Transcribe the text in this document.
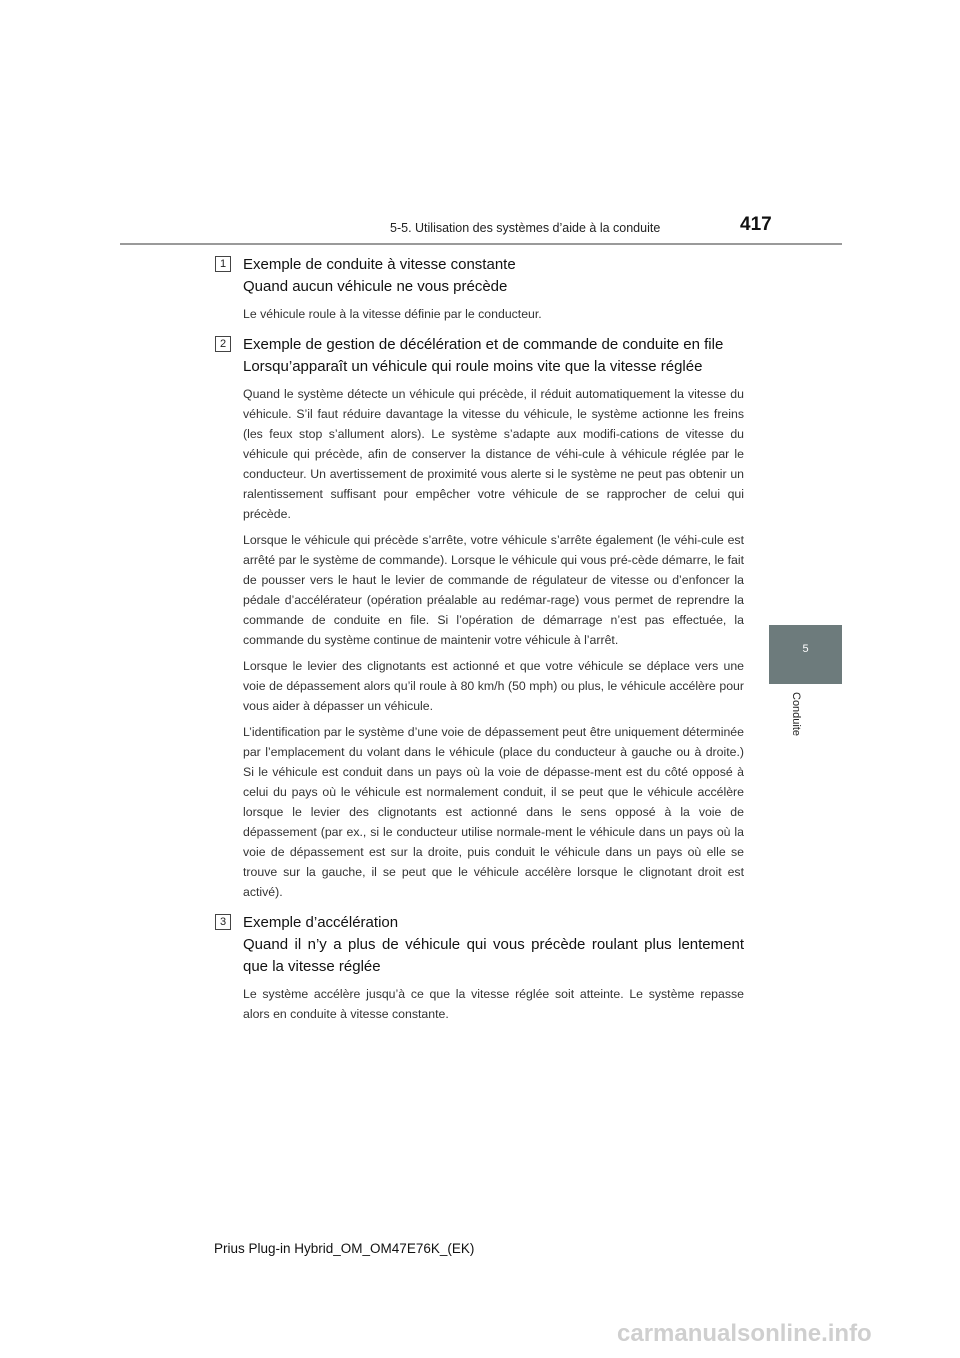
5-5. Utilisation des systèmes d’aide à la conduite	417
5
Conduite
1	Exemple de conduite à vitesse constante
Quand aucun véhicule ne vous précède

Le véhicule roule à la vitesse définie par le conducteur.

2	Exemple de gestion de décélération et de commande de conduite en file
Lorsqu’apparaît un véhicule qui roule moins vite que la vitesse réglée

Quand le système détecte un véhicule qui précède, il réduit automatiquement la vitesse du véhicule. S’il faut réduire davantage la vitesse du véhicule, le système actionne les freins (les feux stop s’allument alors). Le système s’adapte aux modifi-cations de vitesse du véhicule qui précède, afin de conserver la distance de véhi-cule à véhicule réglée par le conducteur. Un avertissement de proximité vous alerte si le système ne peut pas obtenir un ralentissement suffisant pour empêcher votre véhicule de se rapprocher de celui qui précède.

Lorsque le véhicule qui précède s’arrête, votre véhicule s’arrête également (le véhi-cule est arrêté par le système de commande). Lorsque le véhicule qui vous pré-cède démarre, le fait de pousser vers le haut le levier de commande de régulateur de vitesse ou d’enfoncer la pédale d’accélérateur (opération préalable au redémar-rage) vous permet de reprendre la commande de conduite en file. Si l’opération de démarrage n’est pas effectuée, la commande du système continue de maintenir votre véhicule à l’arrêt.

Lorsque le levier des clignotants est actionné et que votre véhicule se déplace vers une voie de dépassement alors qu’il roule à 80 km/h (50 mph) ou plus, le véhicule accélère pour vous aider à dépasser un véhicule.

L’identification par le système d’une voie de dépassement peut être uniquement déterminée par l’emplacement du volant dans le véhicule (place du conducteur à gauche ou à droite.) Si le véhicule est conduit dans un pays où la voie de dépasse-ment est du côté opposé à celui du pays où le véhicule est normalement conduit, il se peut que le véhicule accélère lorsque le levier des clignotants est actionné dans le sens opposé à la voie de dépassement (par ex., si le conducteur utilise normale-ment le véhicule dans un pays où la voie de dépassement est sur la droite, puis conduit le véhicule dans un pays où elle se trouve sur la gauche, il se peut que le véhicule accélère lorsque le clignotant droit est activé).

3	Exemple d’accélération
Quand il n’y a plus de véhicule qui vous précède roulant plus lentement que la vitesse réglée

Le système accélère jusqu’à ce que la vitesse réglée soit atteinte. Le système repasse alors en conduite à vitesse constante.

Prius Plug-in Hybrid_OM_OM47E76K_(EK)
carmanualsonline.info
